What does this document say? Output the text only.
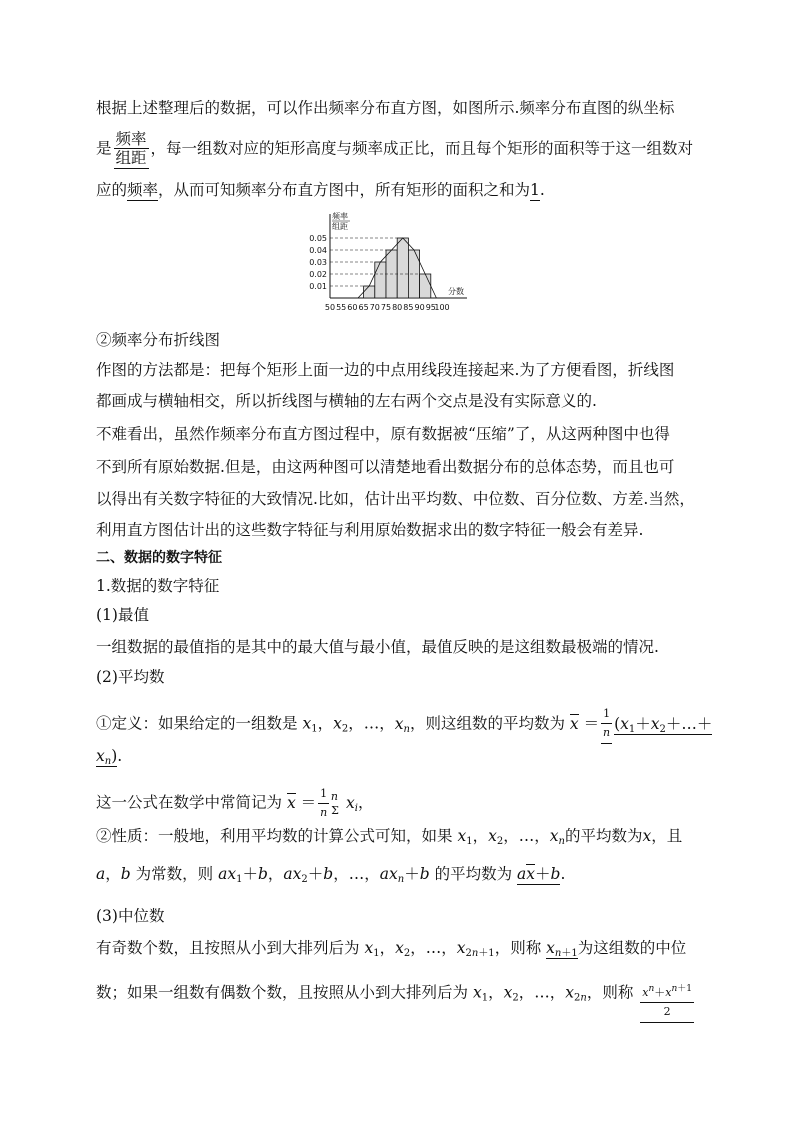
根据上述整理后的数据，可以作出频率分布直方图，如图所示.频率分布直图的纵坐标
是 $\frac{\text{频率}}{\text{组距}}$ ，每一组数对应的矩形高度与频率成正比，而且每个矩形的面积等于这一组数对
应的频率，从而可知频率分布直方图中，所有矩形的面积之和为1.
0.01
0.02
0.03
0.04
0.05
50 55 60 65 70 75 80 85 90 95
100
频率
组距
分数
②频率分布折线图
作图的方法都是：把每个矩形上面一边的中点用线段连接起来.为了方便看图，折线图
都画成与横轴相交，所以折线图与横轴的左右两个交点是没有实际意义的.
不难看出，虽然作频率分布直方图过程中，原有数据被“压缩”了，从这两种图中也得
不到所有原始数据.但是，由这两种图可以清楚地看出数据分布的总体态势，而且也可
以得出有关数字特征的大致情况.比如，估计出平均数、中位数、百分位数、方差.当然，
利用直方图估计出的这些数字特征与利用原始数据求出的数字特征一般会有差异.
二、数据的数字特征
1.数据的数字特征
(1)最值
一组数据的最值指的是其中的最大值与最小值，最值反映的是这组数最极端的情况.
(2)平均数
①定义：如果给定的一组数是 $x_1$，$x_2$，…，$x_n$，则这组数的平均数为 $x = \frac{1}{n}$ ($x_1+x_2+\dots+$
$x_n$).
这一公式在数学中常简记为 $x = \frac{1}{n} _\Sigma^n$ $x_i$，
②性质：一般地，利用平均数的计算公式可知，如果 $x_1$，$x_2$，…，$x_n$的平均数为x，且
a，b 为常数，则 $ax_1+b$，$ax_2+b$，…，$ax_n+b$ 的平均数为 ax＋b.
(3)中位数
有奇数个数，且按照从小到大排列后为 $x_1$，$x_2$，…，$x_{2n+1}$，则称 $x_{n+1}$为这组数的中位
数；如果一组数有偶数个数，且按照从小到大排列后为 $x_1$，$x_2$，…，$x_{2n}$，则称 $\frac{x^n+x^{n+1}}{2}$
